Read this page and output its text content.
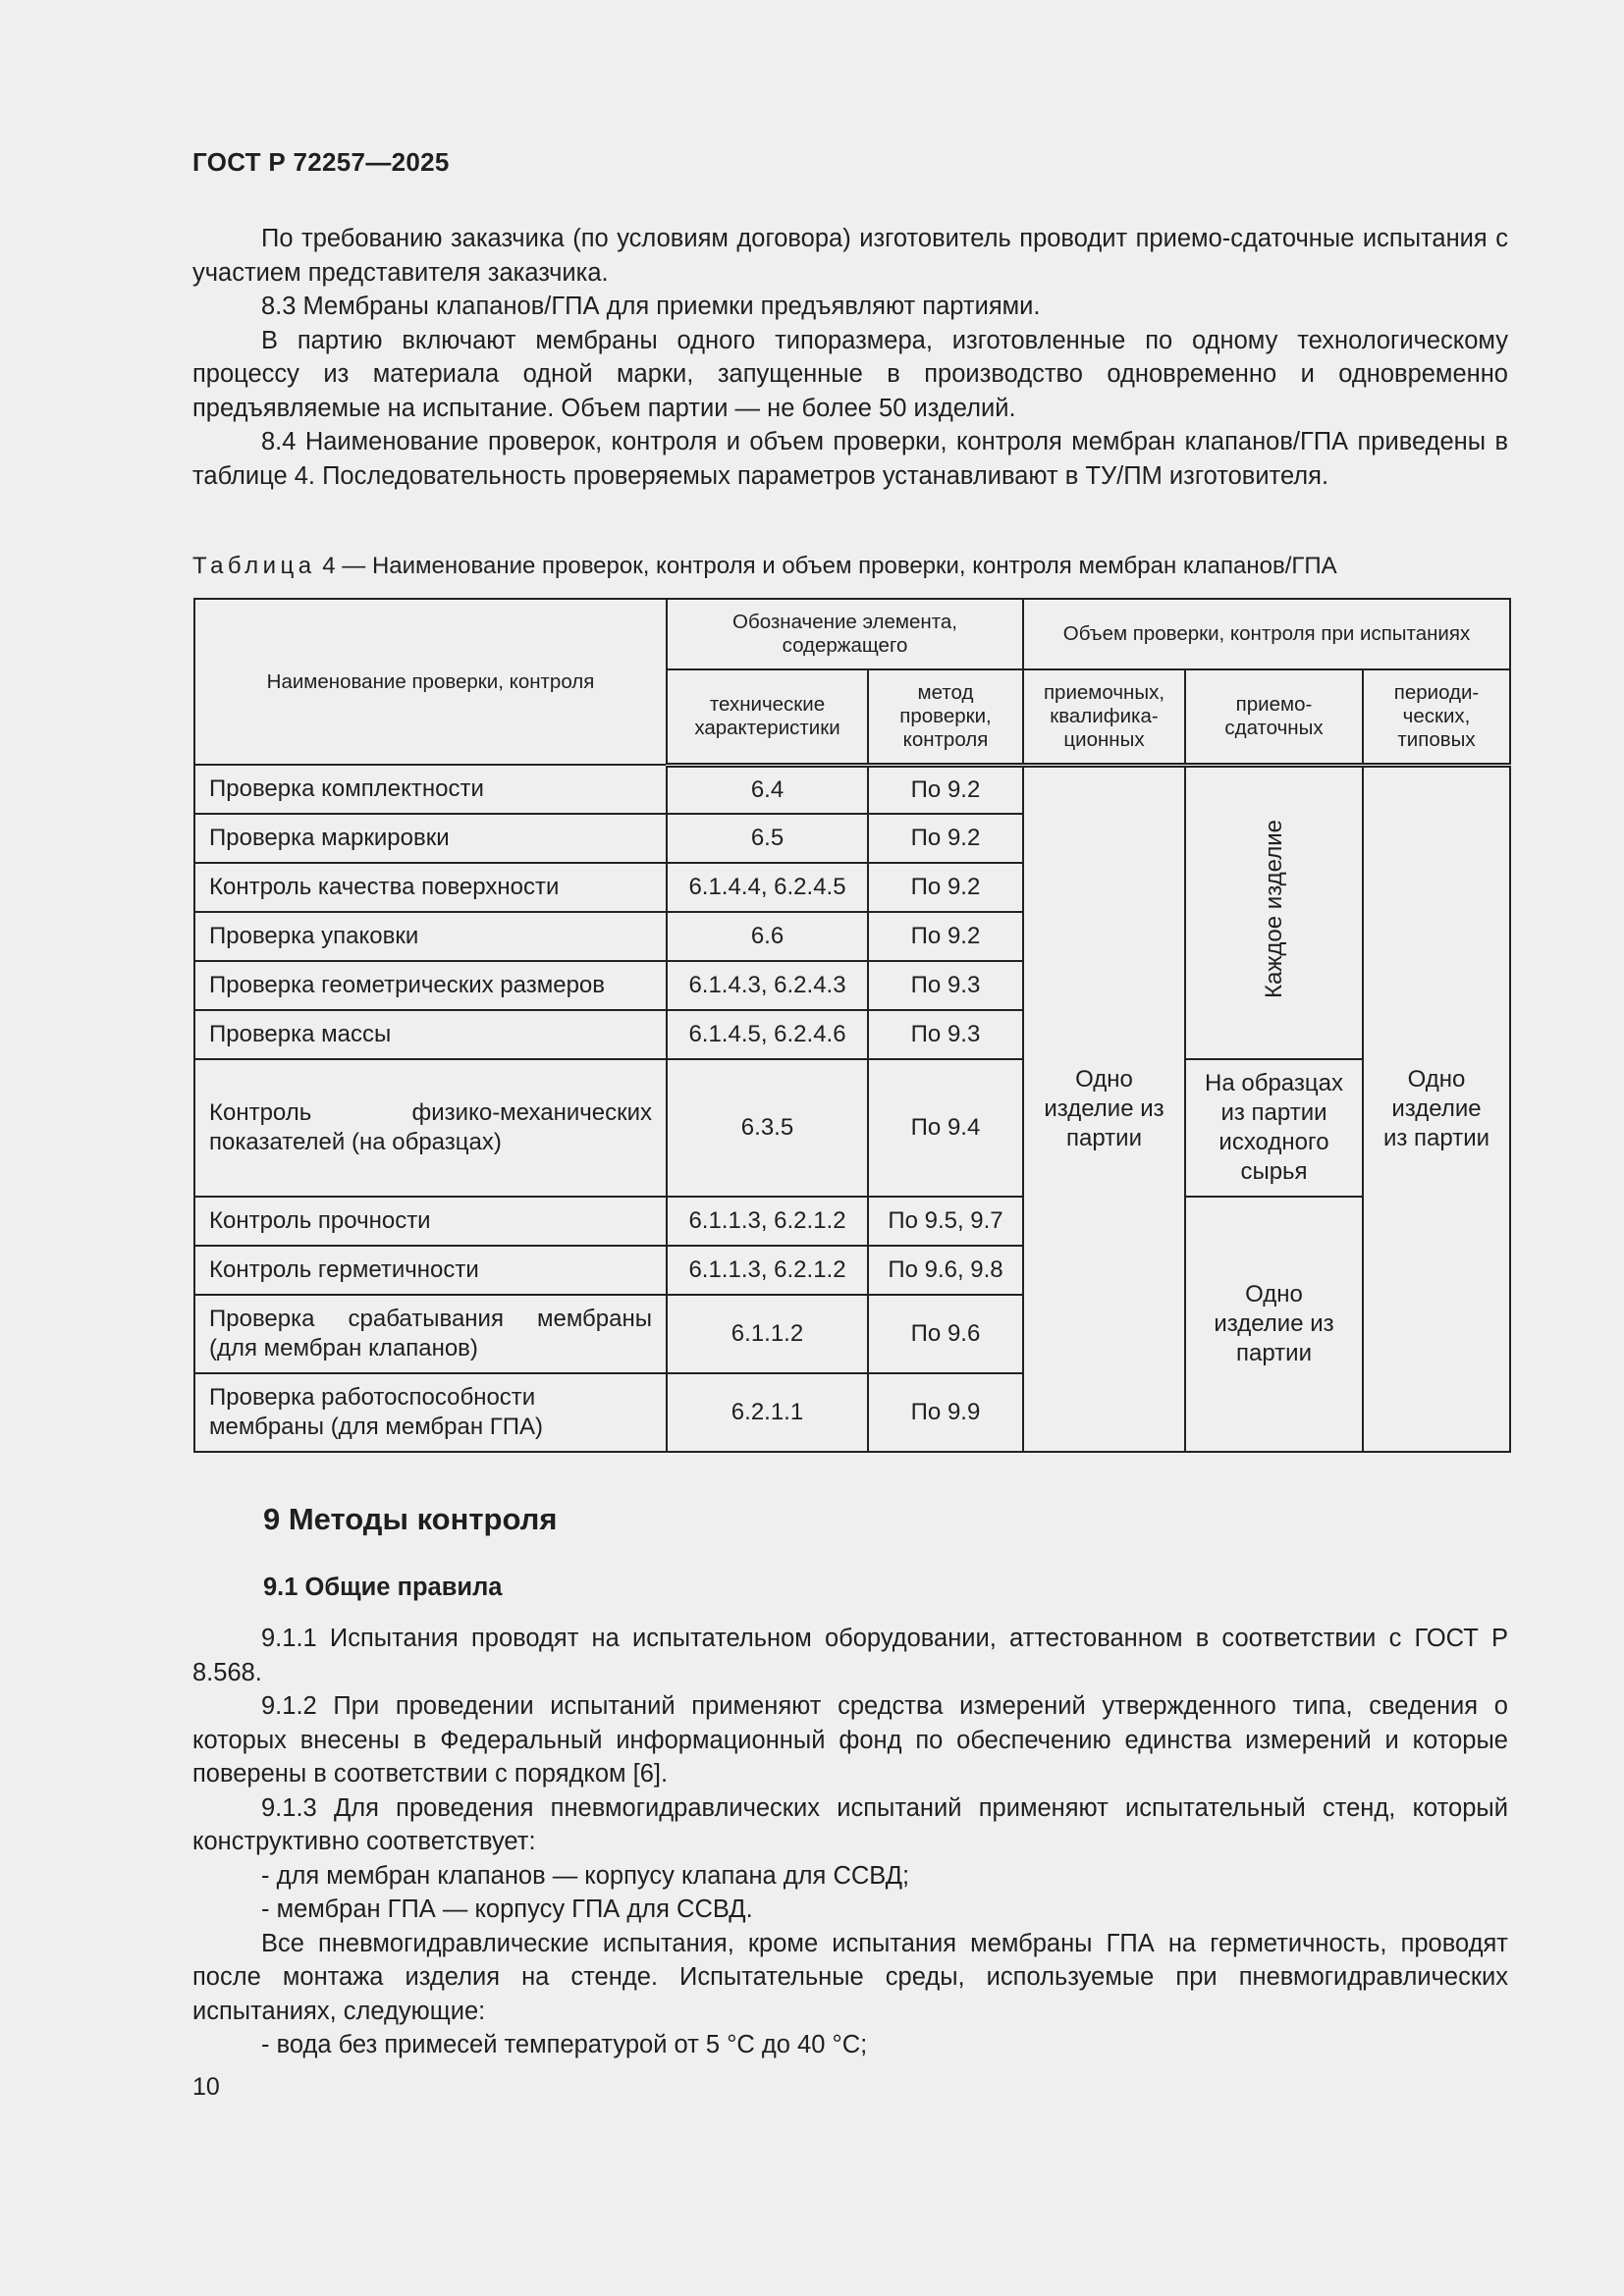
ГОСТ Р 72257—2025

По требованию заказчика (по условиям договора) изготовитель проводит приемо-сдаточные испытания с участием представителя заказчика.

8.3 Мембраны клапанов/ГПА для приемки предъявляют партиями.

В партию включают мембраны одного типоразмера, изготовленные по одному технологическому процессу из материала одной марки, запущенные в производство одновременно и одновременно предъявляемые на испытание. Объем партии — не более 50 изделий.

8.4 Наименование проверок, контроля и объем проверки, контроля мембран клапанов/ГПА приведены в таблице 4. Последовательность проверяемых параметров устанавливают в ТУ/ПМ изготовителя.

Таблица 4 — Наименование проверок, контроля и объем проверки, контроля мембран клапанов/ГПА
Наименование проверки, контроля	Обозначение элемента, содержащего		Объем проверки, контроля при испытаниях		
	технические характеристики	метод проверки, контроля	приемочных, квалифика-ционных	приемо-сдаточных	периоди-ческих, типовых
Проверка комплектности	6.4	По 9.2	Одно изделие из партии	Каждое изделие	Одно изделие из партии
Проверка маркировки	6.5	По 9.2			
Контроль качества поверхности	6.1.4.4, 6.2.4.5	По 9.2			
Проверка упаковки	6.6	По 9.2			
Проверка геометрических размеров	6.1.4.3, 6.2.4.3	По 9.3			
Проверка массы	6.1.4.5, 6.2.4.6	По 9.3			
Контроль физико-механических показателей (на образцах)	6.3.5	По 9.4		На образцах из партии исходного сырья	
Контроль прочности	6.1.1.3, 6.2.1.2	По 9.5, 9.7		Одно изделие из партии	
Контроль герметичности	6.1.1.3, 6.2.1.2	По 9.6, 9.8			
Проверка срабатывания мембраны (для мембран клапанов)	6.1.1.2	По 9.6			
Проверка работоспособности мембраны (для мембран ГПА)	6.2.1.1	По 9.9			
9 Методы контроля
9.1 Общие правила

9.1.1 Испытания проводят на испытательном оборудовании, аттестованном в соответствии с ГОСТ Р 8.568.

9.1.2 При проведении испытаний применяют средства измерений утвержденного типа, сведения о которых внесены в Федеральный информационный фонд по обеспечению единства измерений и которые поверены в соответствии с порядком [6].

9.1.3 Для проведения пневмогидравлических испытаний применяют испытательный стенд, который конструктивно соответствует:

- для мембран клапанов — корпусу клапана для ССВД;

- мембран ГПА — корпусу ГПА для ССВД.

Все пневмогидравлические испытания, кроме испытания мембраны ГПА на герметичность, проводят после монтажа изделия на стенде. Испытательные среды, используемые при пневмогидравлических испытаниях, следующие:

- вода без примесей температурой от 5 °С до 40 °С;

10
